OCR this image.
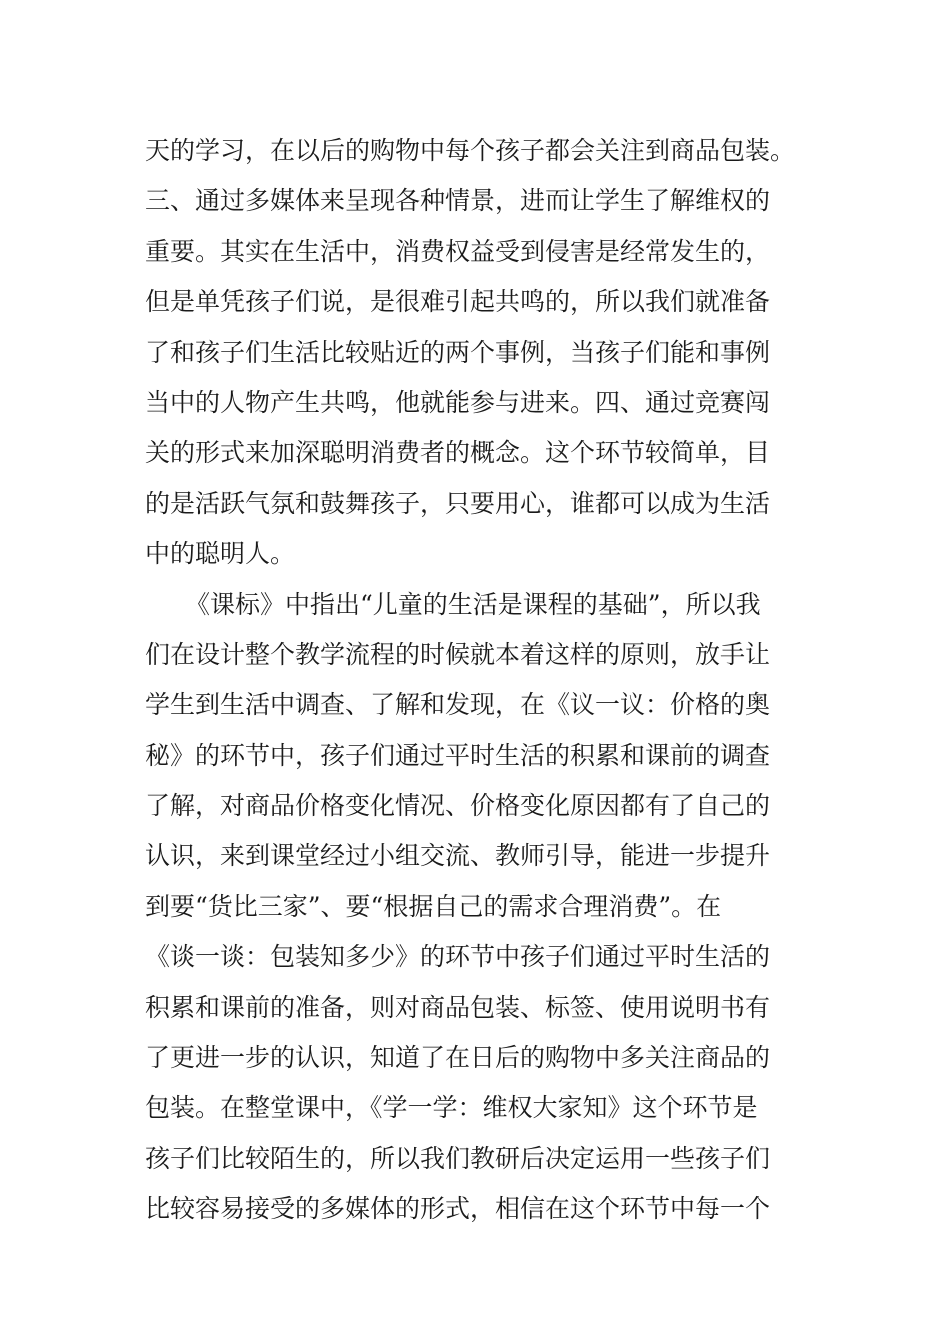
天的学习，在以后的购物中每个孩子都会关注到商品包装。
三、通过多媒体来呈现各种情景，进而让学生了解维权的
重要。其实在生活中，消费权益受到侵害是经常发生的，
但是单凭孩子们说，是很难引起共鸣的，所以我们就准备
了和孩子们生活比较贴近的两个事例，当孩子们能和事例
当中的人物产生共鸣，他就能参与进来。四、通过竞赛闯
关的形式来加深聪明消费者的概念。这个环节较简单，目
的是活跃气氛和鼓舞孩子，只要用心，谁都可以成为生活
中的聪明人。
《课标》中指出“儿童的生活是课程的基础”，所以我
们在设计整个教学流程的时候就本着这样的原则，放手让
学生到生活中调查、了解和发现，在《议一议：价格的奥
秘》的环节中，孩子们通过平时生活的积累和课前的调查
了解，对商品价格变化情况、价格变化原因都有了自己的
认识，来到课堂经过小组交流、教师引导，能进一步提升
到要“货比三家”、要“根据自己的需求合理消费”。在
《谈一谈：包装知多少》的环节中孩子们通过平时生活的
积累和课前的准备，则对商品包装、标签、使用说明书有
了更进一步的认识，知道了在日后的购物中多关注商品的
包装。在整堂课中，《学一学：维权大家知》这个环节是
孩子们比较陌生的，所以我们教研后决定运用一些孩子们
比较容易接受的多媒体的形式，相信在这个环节中每一个
